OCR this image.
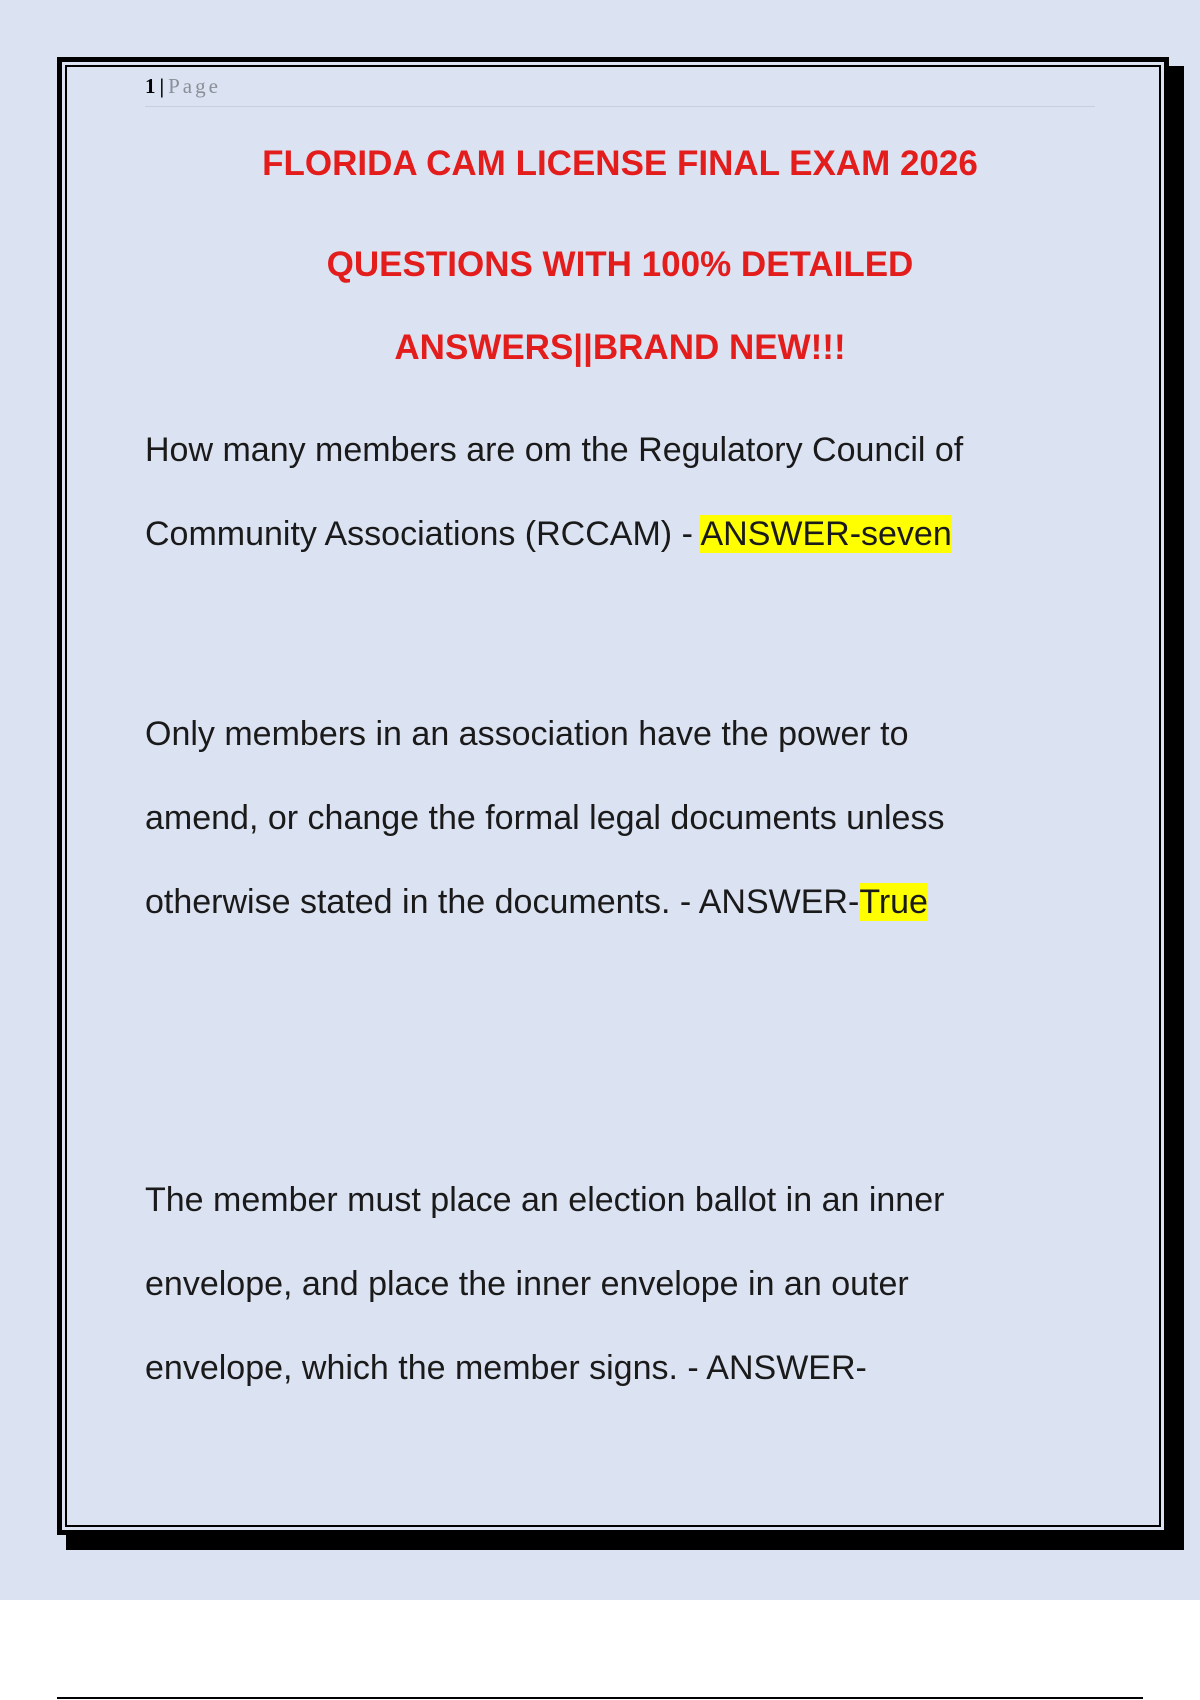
1 | Page
FLORIDA CAM LICENSE FINAL EXAM 2026
QUESTIONS WITH 100% DETAILED
ANSWERS||BRAND NEW!!!
How many members are om the Regulatory Council of
Community Associations (RCCAM) - ANSWER-seven
Only members in an association have the power to
amend, or change the formal legal documents unless
otherwise stated in the documents. - ANSWER-True
The member must place an election ballot in an inner
envelope, and place the inner envelope in an outer
envelope, which the member signs. - ANSWER-
